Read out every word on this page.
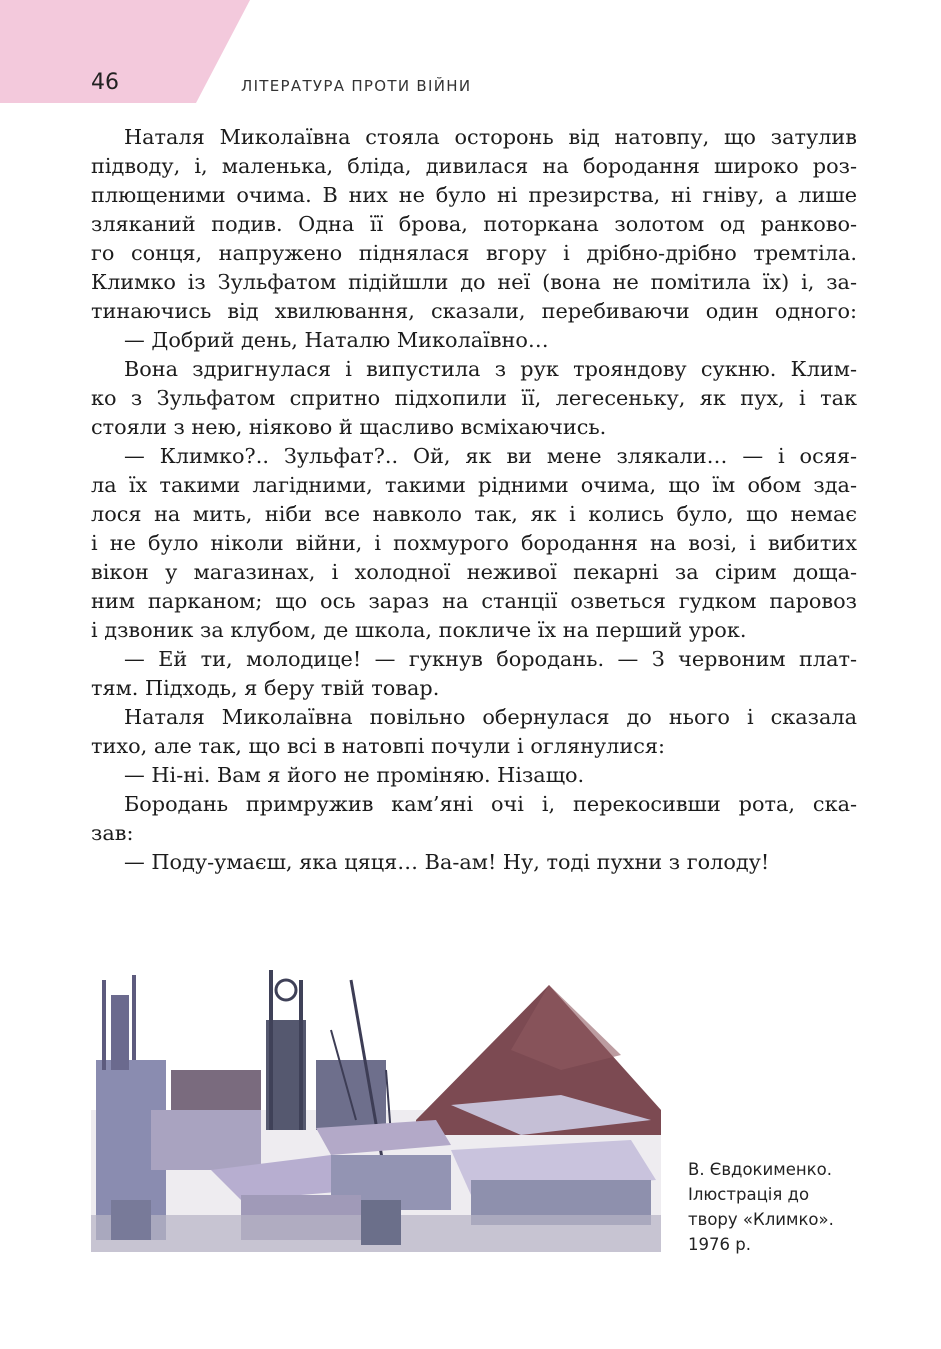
46	ЛІТЕРАТУРА ПРОТИ ВІЙНИ
Наталя Миколаївна стояла осторонь від натовпу, що затулив
підводу, і, маленька, бліда, дивилася на бородання широко роз-
плющеними очима. В них не було ні презирства, ні гніву, а лише
зляканий подив. Одна її брова, поторкана золотом од ранково-
го сонця, напружено піднялася вгору і дрібно-дрібно тремтіла.
Климко із Зульфатом підійшли до неї (вона не помітила їх) і, за-
тинаючись від хвилювання, сказали, перебиваючи один одного:
— Добрий день, Наталю Миколаївно…
Вона здригнулася і випустила з рук трояндову сукню. Клим-
ко з Зульфатом спритно підхопили її, легесеньку, як пух, і так
стояли з нею, ніяково й щасливо всміхаючись.
— Климко?.. Зульфат?.. Ой, як ви мене злякали… — і осяя-
ла їх такими лагідними, такими рідними очима, що їм обом зда-
лося на мить, ніби все навколо так, як і колись було, що немає
і не було ніколи війни, і похмурого бородання на возі, і вибитих
вікон у магазинах, і холодної неживої пекарні за сірим доща-
ним парканом; що ось зараз на станції озветься гудком паровоз
і дзвоник за клубом, де школа, покличе їх на перший урок.
— Ей ти, молодице! — гукнув бородань. — З червоним плат-
тям. Підходь, я беру твій товар.
Наталя Миколаївна повільно обернулася до нього і сказала
тихо, але так, що всі в натовпі почули і оглянулися:
— Ні-ні. Вам я його не проміняю. Нізащо.
Бородань примружив кам’яні очі і, перекосивши рота, ска-
зав:
— Поду-умаєш, яка цяця… Ва-ам! Ну, тоді пухни з голоду!
В. Євдокименко.
Ілюстрація до
твору «Климко».
1976 р.
